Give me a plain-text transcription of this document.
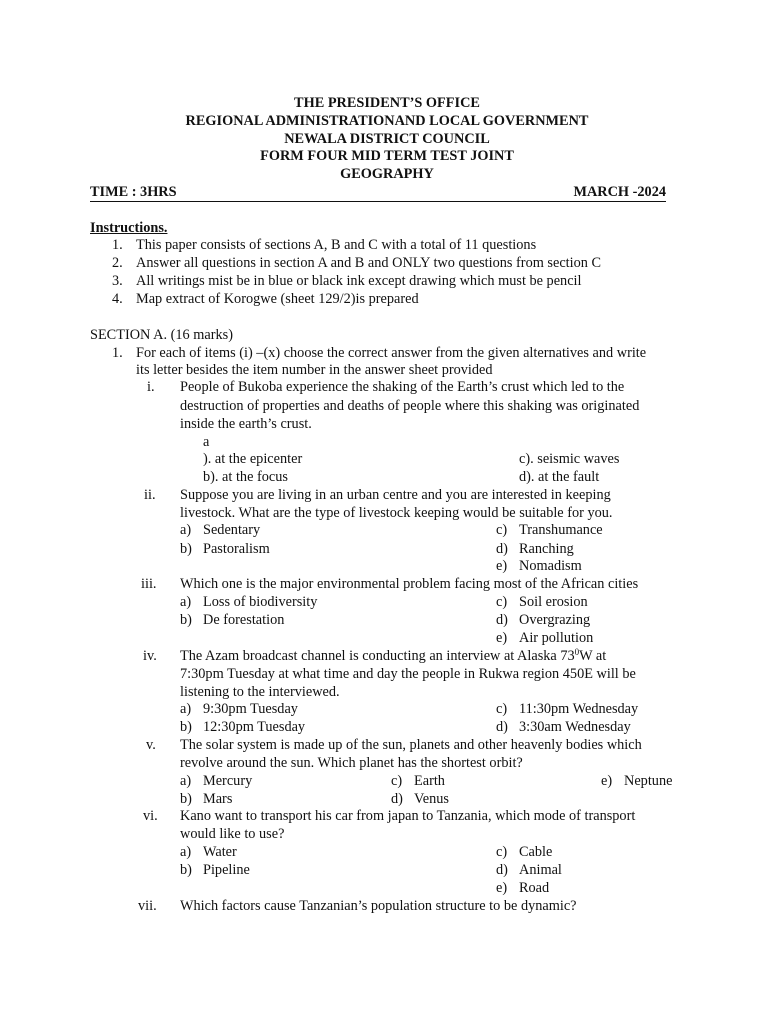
THE PRESIDENT’S OFFICE
REGIONAL ADMINISTRATIONAND LOCAL GOVERNMENT
NEWALA DISTRICT COUNCIL
FORM FOUR MID TERM TEST JOINT
GEOGRAPHY
TIME : 3HRS	MARCH -2024
Instructions.
1. This paper consists of sections A, B and C with a total of 11 questions
2. Answer all questions in section A and B and ONLY two questions from section C
3. All writings mist be in blue or black ink except drawing which must be pencil
4. Map extract of Korogwe (sheet 129/2)is prepared
SECTION A. (16 marks)
1. For each of items (i) –(x) choose the correct answer from the given alternatives and write
its letter besides the item number in the answer sheet provided
i. People of Bukoba experience the shaking of the Earth’s crust which led to the
destruction of properties and deaths of people where this shaking was originated
inside the earth’s crust.
a
). at the epicenter	c). seismic waves
b). at the focus	d). at the fault
ii. Suppose you are living in an urban centre and you are interested in keeping
livestock. What are the type of livestock keeping would be suitable for you.
a) Sedentary	c) Transhumance
b) Pastoralism	d) Ranching
e) Nomadism
iii. Which one is the major environmental problem facing most of the African cities
a) Loss of biodiversity	c) Soil erosion
b) De forestation	d) Overgrazing
e) Air pollution
iv. The Azam broadcast channel is conducting an interview at Alaska $73^0W$ at
7:30pm Tuesday at what time and day the people in Rukwa region 450E will be
listening to the interviewed.
a) 9:30pm Tuesday	c) 11:30pm Wednesday
b) 12:30pm Tuesday	d) 3:30am Wednesday
v. The solar system is made up of the sun, planets and other heavenly bodies which
revolve around the sun. Which planet has the shortest orbit?
a) Mercury	c) Earth	e) Neptune
b) Mars	d) Venus
vi. Kano want to transport his car from japan to Tanzania, which mode of transport
would like to use?
a) Water	c) Cable
b) Pipeline	d) Animal
e) Road
vii. Which factors cause Tanzanian’s population structure to be dynamic?
